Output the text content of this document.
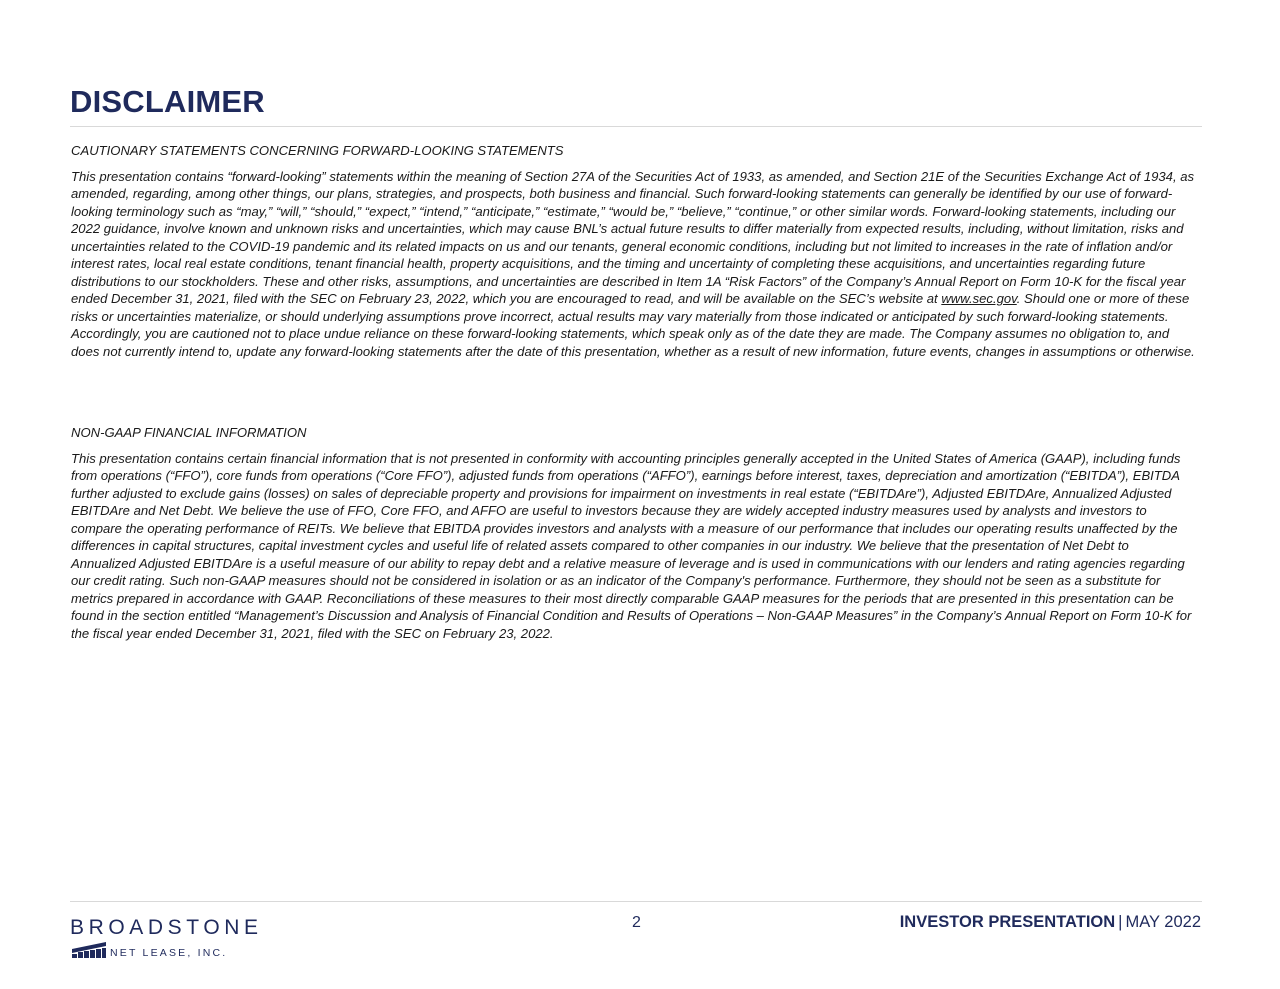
DISCLAIMER

CAUTIONARY STATEMENTS CONCERNING FORWARD-LOOKING STATEMENTS

This presentation contains “forward-looking” statements within the meaning of Section 27A of the Securities Act of 1933, as amended, and Section 21E of the Securities Exchange Act of 1934, as amended, regarding, among other things, our plans, strategies, and prospects, both business and financial. Such forward-looking statements can generally be identified by our use of forward-looking terminology such as “may,” “will,” “should,” “expect,” “intend,” “anticipate,” “estimate,” “would be,” “believe,” “continue,” or other similar words. Forward-looking statements, including our 2022 guidance, involve known and unknown risks and uncertainties, which may cause BNL’s actual future results to differ materially from expected results, including, without limitation, risks and uncertainties related to the COVID-19 pandemic and its related impacts on us and our tenants, general economic conditions, including but not limited to increases in the rate of inflation and/or interest rates, local real estate conditions, tenant financial health, property acquisitions, and the timing and uncertainty of completing these acquisitions, and uncertainties regarding future distributions to our stockholders. These and other risks, assumptions, and uncertainties are described in Item 1A “Risk Factors” of the Company’s Annual Report on Form 10-K for the fiscal year ended December 31, 2021, filed with the SEC on February 23, 2022, which you are encouraged to read, and will be available on the SEC’s website at www.sec.gov. Should one or more of these risks or uncertainties materialize, or should underlying assumptions prove incorrect, actual results may vary materially from those indicated or anticipated by such forward-looking statements. Accordingly, you are cautioned not to place undue reliance on these forward-looking statements, which speak only as of the date they are made. The Company assumes no obligation to, and does not currently intend to, update any forward-looking statements after the date of this presentation, whether as a result of new information, future events, changes in assumptions or otherwise.

NON-GAAP FINANCIAL INFORMATION

This presentation contains certain financial information that is not presented in conformity with accounting principles generally accepted in the United States of America (GAAP), including funds from operations (“FFO”), core funds from operations (“Core FFO”), adjusted funds from operations (“AFFO”), earnings before interest, taxes, depreciation and amortization (“EBITDA”), EBITDA further adjusted to exclude gains (losses) on sales of depreciable property and provisions for impairment on investments in real estate (“EBITDAre”), Adjusted EBITDAre, Annualized Adjusted EBITDAre and Net Debt. We believe the use of FFO, Core FFO, and AFFO are useful to investors because they are widely accepted industry measures used by analysts and investors to compare the operating performance of REITs. We believe that EBITDA provides investors and analysts with a measure of our performance that includes our operating results unaffected by the differences in capital structures, capital investment cycles and useful life of related assets compared to other companies in our industry. We believe that the presentation of Net Debt to Annualized Adjusted EBITDAre is a useful measure of our ability to repay debt and a relative measure of leverage and is used in communications with our lenders and rating agencies regarding our credit rating. Such non-GAAP measures should not be considered in isolation or as an indicator of the Company's performance. Furthermore, they should not be seen as a substitute for metrics prepared in accordance with GAAP. Reconciliations of these measures to their most directly comparable GAAP measures for the periods that are presented in this presentation can be found in the section entitled “Management’s Discussion and Analysis of Financial Condition and Results of Operations – Non-GAAP Measures” in the Company’s Annual Report on Form 10-K for the fiscal year ended December 31, 2021, filed with the SEC on February 23, 2022.

BROADSTONE
NET LEASE, INC.
2	INVESTOR PRESENTATION | MAY 2022
